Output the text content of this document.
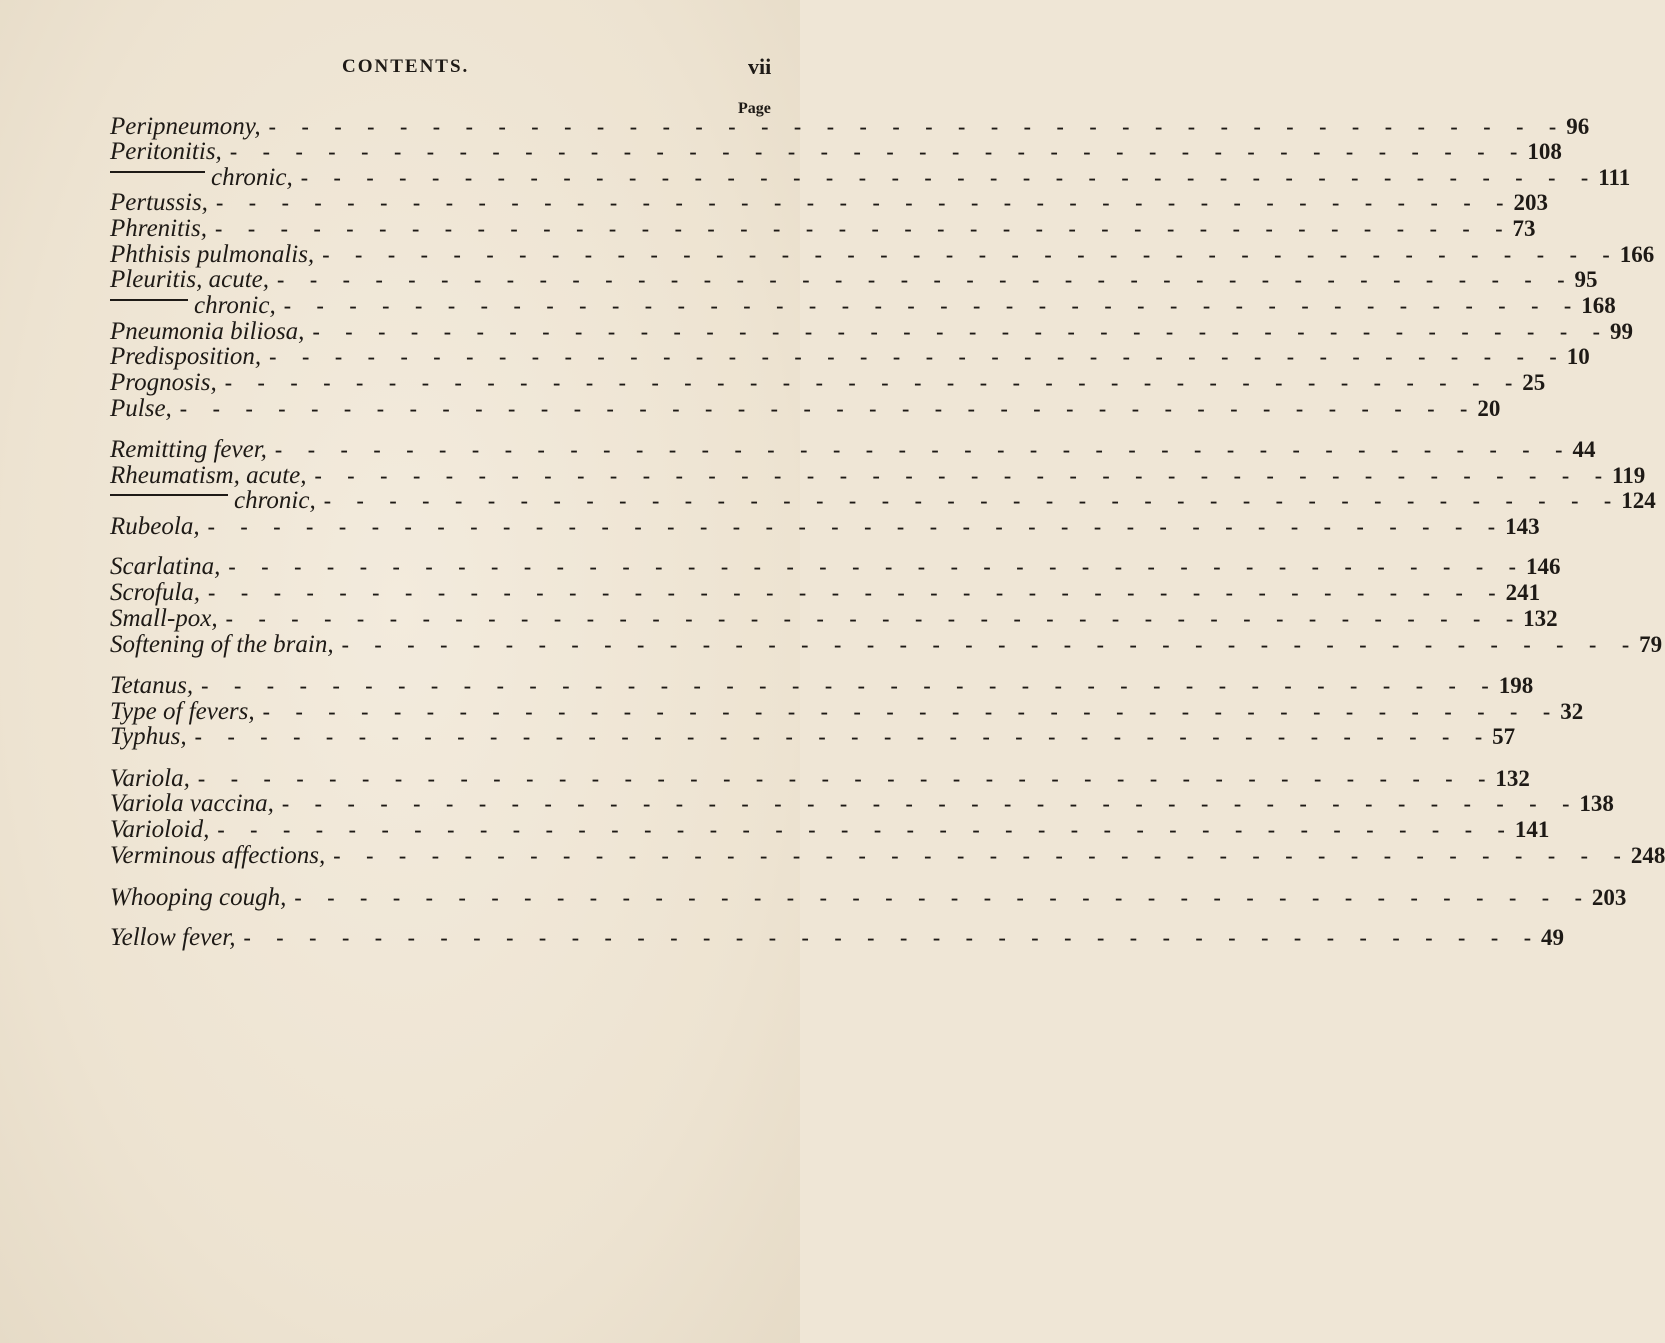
CONTENTS.	vii
Page
Peripneumony, - - - - - - - - - - - - - - - - - - - - - - - - - - - - - - - - - - - - - - - - 96
Peritonitis, - - - - - - - - - - - - - - - - - - - - - - - - - - - - - - - - - - - - - - - - 108
chronic, - - - - - - - - - - - - - - - - - - - - - - - - - - - - - - - - - - - - - - - - 111
Pertussis, - - - - - - - - - - - - - - - - - - - - - - - - - - - - - - - - - - - - - - - - 203
Phrenitis, - - - - - - - - - - - - - - - - - - - - - - - - - - - - - - - - - - - - - - - - 73
Phthisis pulmonalis, - - - - - - - - - - - - - - - - - - - - - - - - - - - - - - - - - - - - - - - - 166
Pleuritis, acute, - - - - - - - - - - - - - - - - - - - - - - - - - - - - - - - - - - - - - - - - 95
chronic, - - - - - - - - - - - - - - - - - - - - - - - - - - - - - - - - - - - - - - - - 168
Pneumonia biliosa, - - - - - - - - - - - - - - - - - - - - - - - - - - - - - - - - - - - - - - - - 99
Predisposition, - - - - - - - - - - - - - - - - - - - - - - - - - - - - - - - - - - - - - - - - 10
Prognosis, - - - - - - - - - - - - - - - - - - - - - - - - - - - - - - - - - - - - - - - - 25
Pulse, - - - - - - - - - - - - - - - - - - - - - - - - - - - - - - - - - - - - - - - - 20
Remitting fever, - - - - - - - - - - - - - - - - - - - - - - - - - - - - - - - - - - - - - - - - 44
Rheumatism, acute, - - - - - - - - - - - - - - - - - - - - - - - - - - - - - - - - - - - - - - - - 119
chronic, - - - - - - - - - - - - - - - - - - - - - - - - - - - - - - - - - - - - - - - - 124
Rubeola, - - - - - - - - - - - - - - - - - - - - - - - - - - - - - - - - - - - - - - - - 143
Scarlatina, - - - - - - - - - - - - - - - - - - - - - - - - - - - - - - - - - - - - - - - - 146
Scrofula, - - - - - - - - - - - - - - - - - - - - - - - - - - - - - - - - - - - - - - - - 241
Small-pox, - - - - - - - - - - - - - - - - - - - - - - - - - - - - - - - - - - - - - - - - 132
Softening of the brain, - - - - - - - - - - - - - - - - - - - - - - - - - - - - - - - - - - - - - - - - 79
Tetanus, - - - - - - - - - - - - - - - - - - - - - - - - - - - - - - - - - - - - - - - - 198
Type of fevers, - - - - - - - - - - - - - - - - - - - - - - - - - - - - - - - - - - - - - - - - 32
Typhus, - - - - - - - - - - - - - - - - - - - - - - - - - - - - - - - - - - - - - - - - 57
Variola, - - - - - - - - - - - - - - - - - - - - - - - - - - - - - - - - - - - - - - - - 132
Variola vaccina, - - - - - - - - - - - - - - - - - - - - - - - - - - - - - - - - - - - - - - - - 138
Varioloid, - - - - - - - - - - - - - - - - - - - - - - - - - - - - - - - - - - - - - - - - 141
Verminous affections, - - - - - - - - - - - - - - - - - - - - - - - - - - - - - - - - - - - - - - - - 248
Whooping cough, - - - - - - - - - - - - - - - - - - - - - - - - - - - - - - - - - - - - - - - - 203
Yellow fever, - - - - - - - - - - - - - - - - - - - - - - - - - - - - - - - - - - - - - - - - 49
